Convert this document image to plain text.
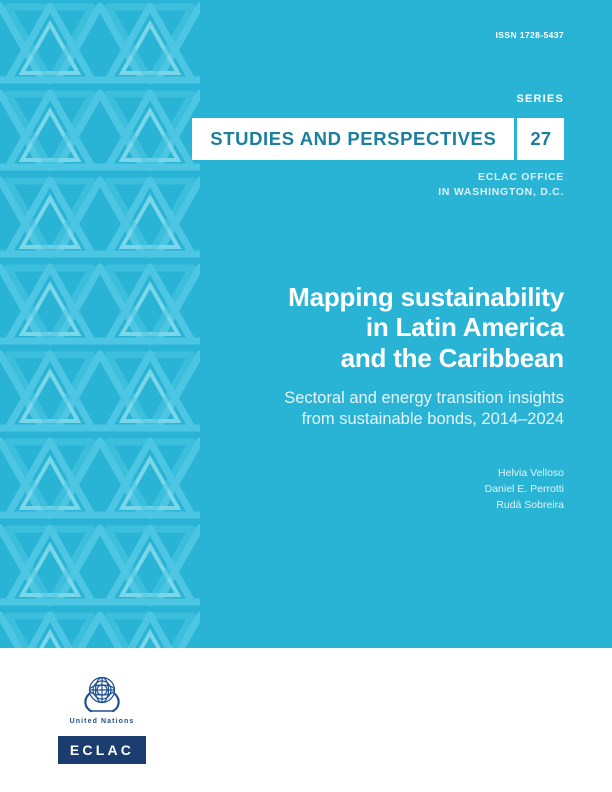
ISSN 1728-5437
SERIES
STUDIES AND PERSPECTIVES	27
ECLAC OFFICE
IN WASHINGTON, D.C.
Mapping sustainability
in Latin America
and the Caribbean
Sectoral and energy transition insights
from sustainable bonds, 2014–2024
Helvia Velloso
Daniel E. Perrotti
Rudá Sobreira
United Nations
ECLAC
